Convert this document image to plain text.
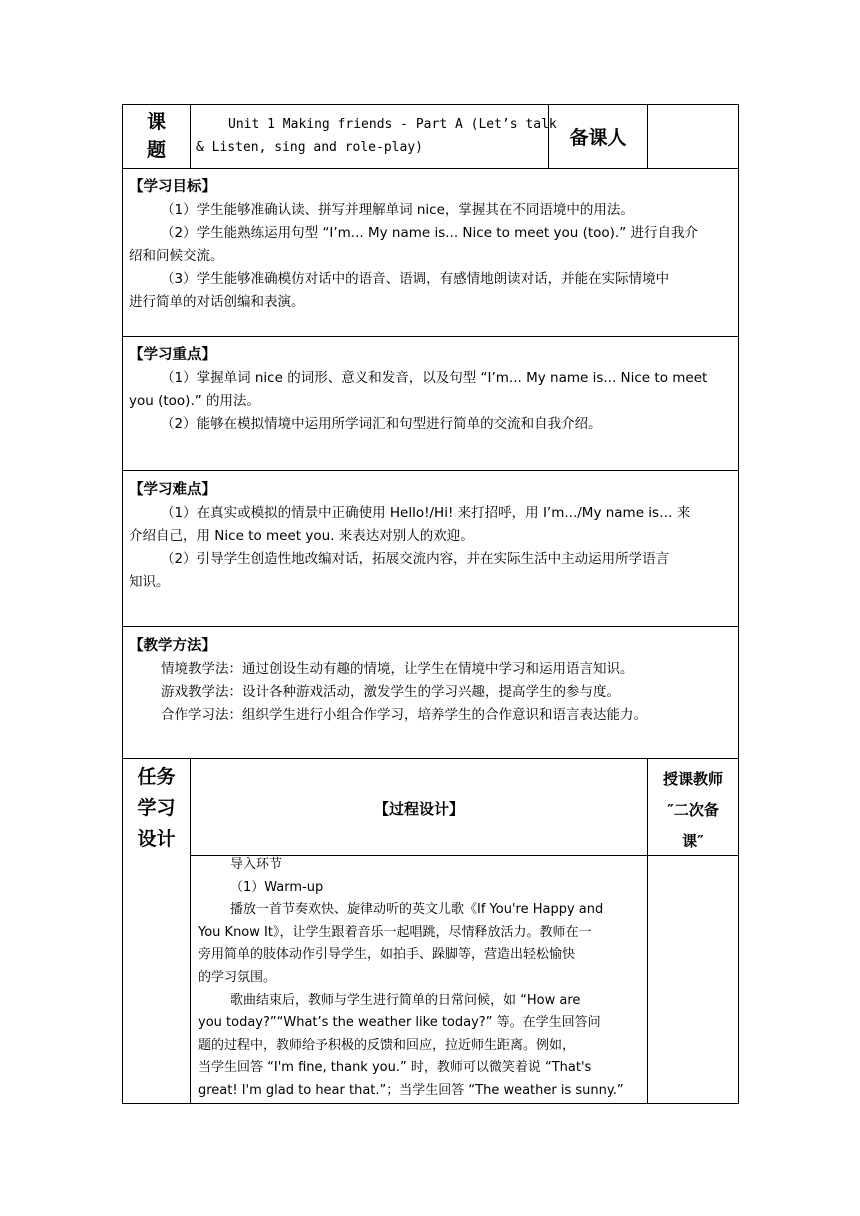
课
题
Unit 1 Making friends - Part A (Let’s talk
& Listen, sing and role-play)	备课人
【学习目标】
（1）学生能够准确认读、拼写并理解单词 nice，掌握其在不同语境中的用法。
（2）学生能熟练运用句型 “I’m... My name is... Nice to meet you (too).” 进行自我介
绍和问候交流。
（3）学生能够准确模仿对话中的语音、语调，有感情地朗读对话，并能在实际情境中
进行简单的对话创编和表演。
【学习重点】
（1）掌握单词 nice 的词形、意义和发音，以及句型 “I’m... My name is... Nice to meet
you (too).” 的用法。
（2）能够在模拟情境中运用所学词汇和句型进行简单的交流和自我介绍。
【学习难点】
（1）在真实或模拟的情景中正确使用 Hello!/Hi! 来打招呼，用 I’m.../My name is… 来
介绍自己，用 Nice to meet you. 来表达对别人的欢迎。
（2）引导学生创造性地改编对话，拓展交流内容，并在实际生活中主动运用所学语言
知识。
【教学方法】
情境教学法：通过创设生动有趣的情境，让学生在情境中学习和运用语言知识。
游戏教学法：设计各种游戏活动，激发学生的学习兴趣，提高学生的参与度。
合作学习法：组织学生进行小组合作学习，培养学生的合作意识和语言表达能力。
任务
学习
设计
【过程设计】
授课教师
″二次备
课″
导入环节
（1）Warm-up
播放一首节奏欢快、旋律动听的英文儿歌《If You're Happy and
You Know It》，让学生跟着音乐一起唱跳，尽情释放活力。教师在一
旁用简单的肢体动作引导学生，如拍手、跺脚等，营造出轻松愉快
的学习氛围。
歌曲结束后，教师与学生进行简单的日常问候，如 “How are
you today?”“What’s the weather like today?” 等。在学生回答问
题的过程中，教师给予积极的反馈和回应，拉近师生距离。例如，
当学生回答 “I'm fine, thank you.” 时，教师可以微笑着说 “That's
great! I'm glad to hear that.”；当学生回答 “The weather is sunny.”
